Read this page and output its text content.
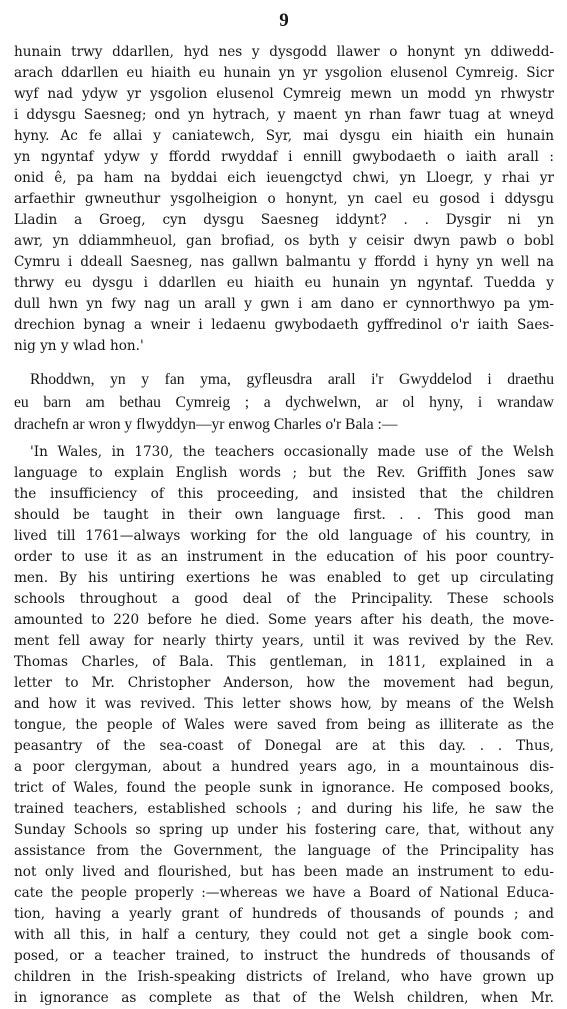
9
hunain trwy ddarllen, hyd nes y dysgodd llawer o honynt yn ddiwedd-
arach ddarllen eu hiaith eu hunain yn yr ysgolion elusenol Cymreig. Sicr
wyf nad ydyw yr ysgolion elusenol Cymreig mewn un modd yn rhwystr
i ddysgu Saesneg; ond yn hytrach, y maent yn rhan fawr tuag at wneyd
hyny. Ac fe allai y caniatewch, Syr, mai dysgu ein hiaith ein hunain
yn ngyntaf ydyw y ffordd rwyddaf i ennill gwybodaeth o iaith arall :
onid ê, pa ham na byddai eich ieuengctyd chwi, yn Lloegr, y rhai yr
arfaethir gwneuthur ysgolheigion o honynt, yn cael eu gosod i ddysgu
Lladin a Groeg, cyn dysgu Saesneg iddynt? . . Dysgir ni yn
awr, yn ddiammheuol, gan brofiad, os byth y ceisir dwyn pawb o bobl
Cymru i ddeall Saesneg, nas gallwn balmantu y ffordd i hyny yn well na
thrwy eu dysgu i ddarllen eu hiaith eu hunain yn ngyntaf. Tuedda y
dull hwn yn fwy nag un arall y gwn i am dano er cynnorthwyo pa ym-
drechion bynag a wneir i ledaenu gwybodaeth gyffredinol o'r iaith Saes-
nig yn y wlad hon.'
Rhoddwn, yn y fan yma, gyfleusdra arall i'r Gwyddelod i draethu
eu barn am bethau Cymreig ; a dychwelwn, ar ol hyny, i wrandaw
drachefn ar wron y flwyddyn—yr enwog Charles o'r Bala :—
'In Wales, in 1730, the teachers occasionally made use of the Welsh
language to explain English words ; but the Rev. Griffith Jones saw
the insufficiency of this proceeding, and insisted that the children
should be taught in their own language first. . . This good man
lived till 1761—always working for the old language of his country, in
order to use it as an instrument in the education of his poor country-
men. By his untiring exertions he was enabled to get up circulating
schools throughout a good deal of the Principality. These schools
amounted to 220 before he died. Some years after his death, the move-
ment fell away for nearly thirty years, until it was revived by the Rev.
Thomas Charles, of Bala. This gentleman, in 1811, explained in a
letter to Mr. Christopher Anderson, how the movement had begun,
and how it was revived. This letter shows how, by means of the Welsh
tongue, the people of Wales were saved from being as illiterate as the
peasantry of the sea-coast of Donegal are at this day. . . Thus,
a poor clergyman, about a hundred years ago, in a mountainous dis-
trict of Wales, found the people sunk in ignorance. He composed books,
trained teachers, established schools ; and during his life, he saw the
Sunday Schools so spring up under his fostering care, that, without any
assistance from the Government, the language of the Principality has
not only lived and flourished, but has been made an instrument to edu-
cate the people properly :—whereas we have a Board of National Educa-
tion, having a yearly grant of hundreds of thousands of pounds ; and
with all this, in half a century, they could not get a single book com-
posed, or a teacher trained, to instruct the hundreds of thousands of
children in the Irish-speaking districts of Ireland, who have grown up
in ignorance as complete as that of the Welsh children, when Mr.
